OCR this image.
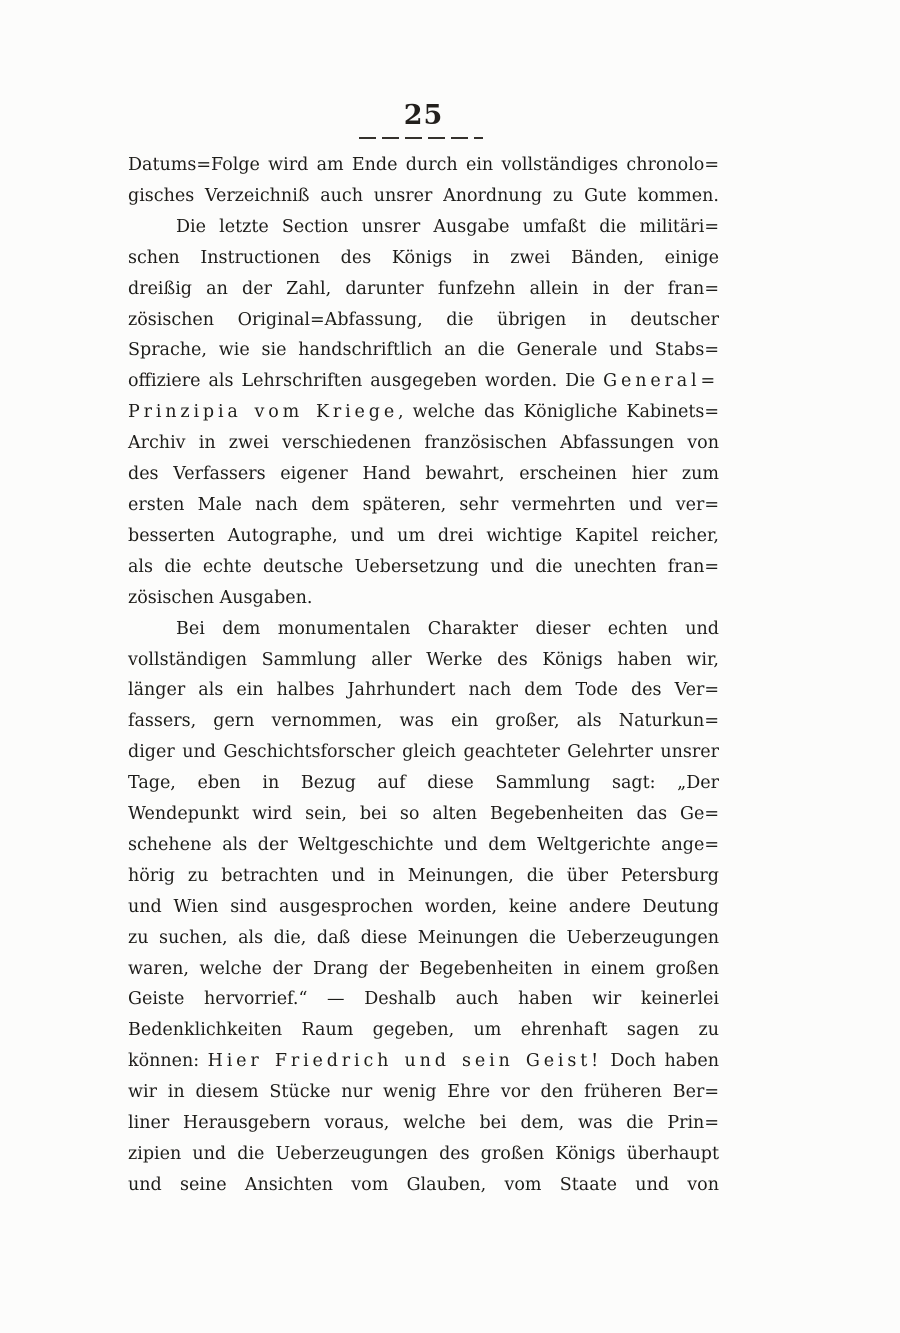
25
Datums=Folge wird am Ende durch ein vollständiges chronolo=
gisches Verzeichniß auch unsrer Anordnung zu Gute kommen.
Die letzte Section unsrer Ausgabe umfaßt die militäri=
schen Instructionen des Königs in zwei Bänden, einige
dreißig an der Zahl, darunter funfzehn allein in der fran=
zösischen Original=Abfassung, die übrigen in deutscher
Sprache, wie sie handschriftlich an die Generale und Stabs=
offiziere als Lehrschriften ausgegeben worden. Die General=
Prinzipia vom Kriege, welche das Königliche Kabinets=
Archiv in zwei verschiedenen französischen Abfassungen von
des Verfassers eigener Hand bewahrt, erscheinen hier zum
ersten Male nach dem späteren, sehr vermehrten und ver=
besserten Autographe, und um drei wichtige Kapitel reicher,
als die echte deutsche Uebersetzung und die unechten fran=
zösischen Ausgaben.
Bei dem monumentalen Charakter dieser echten und
vollständigen Sammlung aller Werke des Königs haben wir,
länger als ein halbes Jahrhundert nach dem Tode des Ver=
fassers, gern vernommen, was ein großer, als Naturkun=
diger und Geschichtsforscher gleich geachteter Gelehrter unsrer
Tage, eben in Bezug auf diese Sammlung sagt: „Der
Wendepunkt wird sein, bei so alten Begebenheiten das Ge=
schehene als der Weltgeschichte und dem Weltgerichte ange=
hörig zu betrachten und in Meinungen, die über Petersburg
und Wien sind ausgesprochen worden, keine andere Deutung
zu suchen, als die, daß diese Meinungen die Ueberzeugungen
waren, welche der Drang der Begebenheiten in einem großen
Geiste hervorrief.“ — Deshalb auch haben wir keinerlei
Bedenklichkeiten Raum gegeben, um ehrenhaft sagen zu
können: Hier Friedrich und sein Geist! Doch haben
wir in diesem Stücke nur wenig Ehre vor den früheren Ber=
liner Herausgebern voraus, welche bei dem, was die Prin=
zipien und die Ueberzeugungen des großen Königs überhaupt
und seine Ansichten vom Glauben, vom Staate und von
